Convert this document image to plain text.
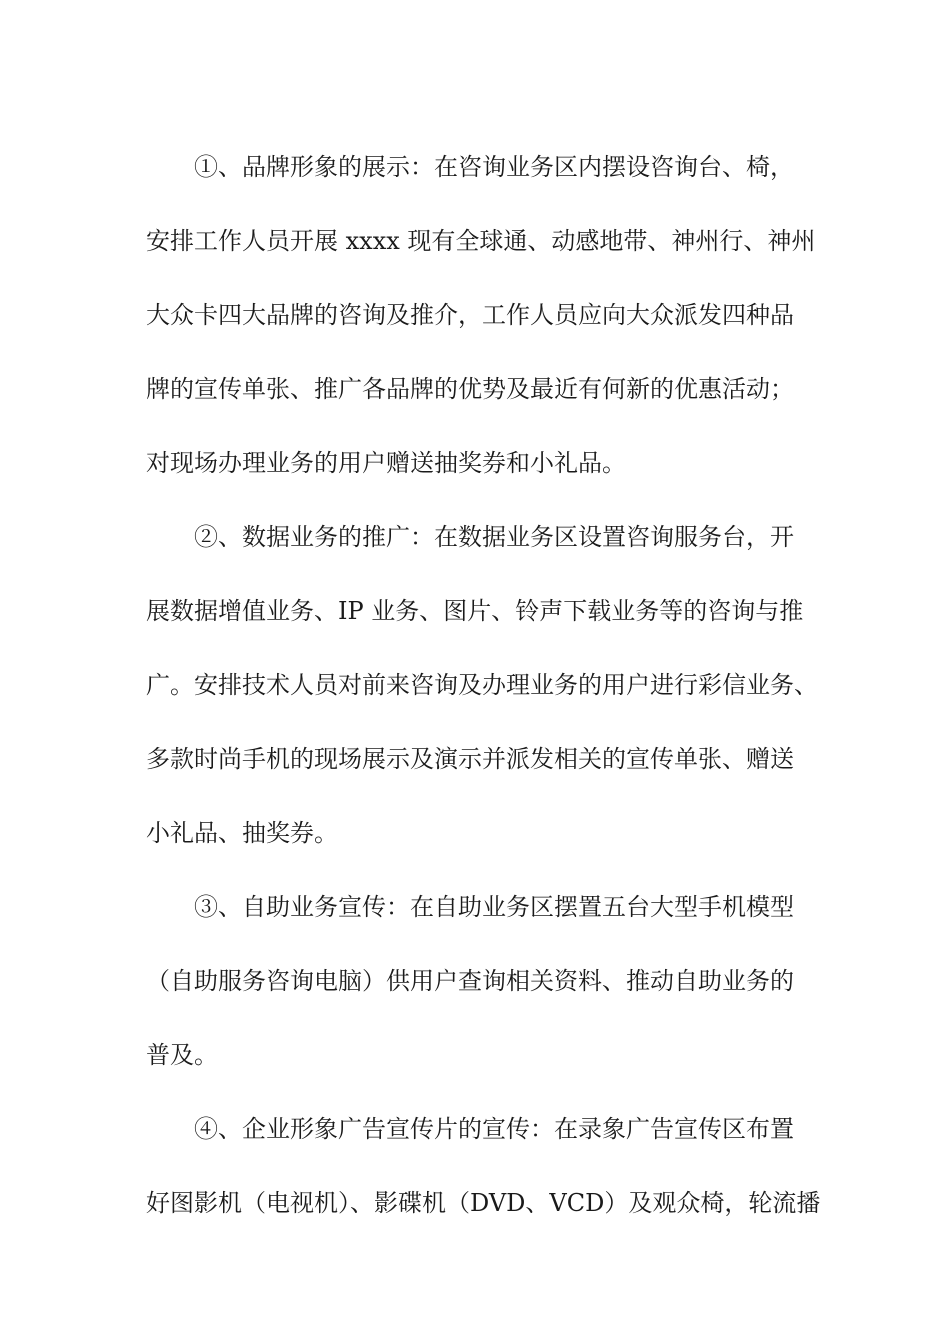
①、品牌形象的展示：在咨询业务区内摆设咨询台、椅，
安排工作人员开展 xxxx 现有全球通、动感地带、神州行、神州
大众卡四大品牌的咨询及推介，工作人员应向大众派发四种品
牌的宣传单张、推广各品牌的优势及最近有何新的优惠活动；
对现场办理业务的用户赠送抽奖券和小礼品。
②、数据业务的推广：在数据业务区设置咨询服务台，开
展数据增值业务、IP 业务、图片、铃声下载业务等的咨询与推
广。安排技术人员对前来咨询及办理业务的用户进行彩信业务、
多款时尚手机的现场展示及演示并派发相关的宣传单张、赠送
小礼品、抽奖券。
③、自助业务宣传：在自助业务区摆置五台大型手机模型
（自助服务咨询电脑）供用户查询相关资料、推动自助业务的
普及。
④、企业形象广告宣传片的宣传：在录象广告宣传区布置
好图影机（电视机）、影碟机（DVD、VCD）及观众椅，轮流播
